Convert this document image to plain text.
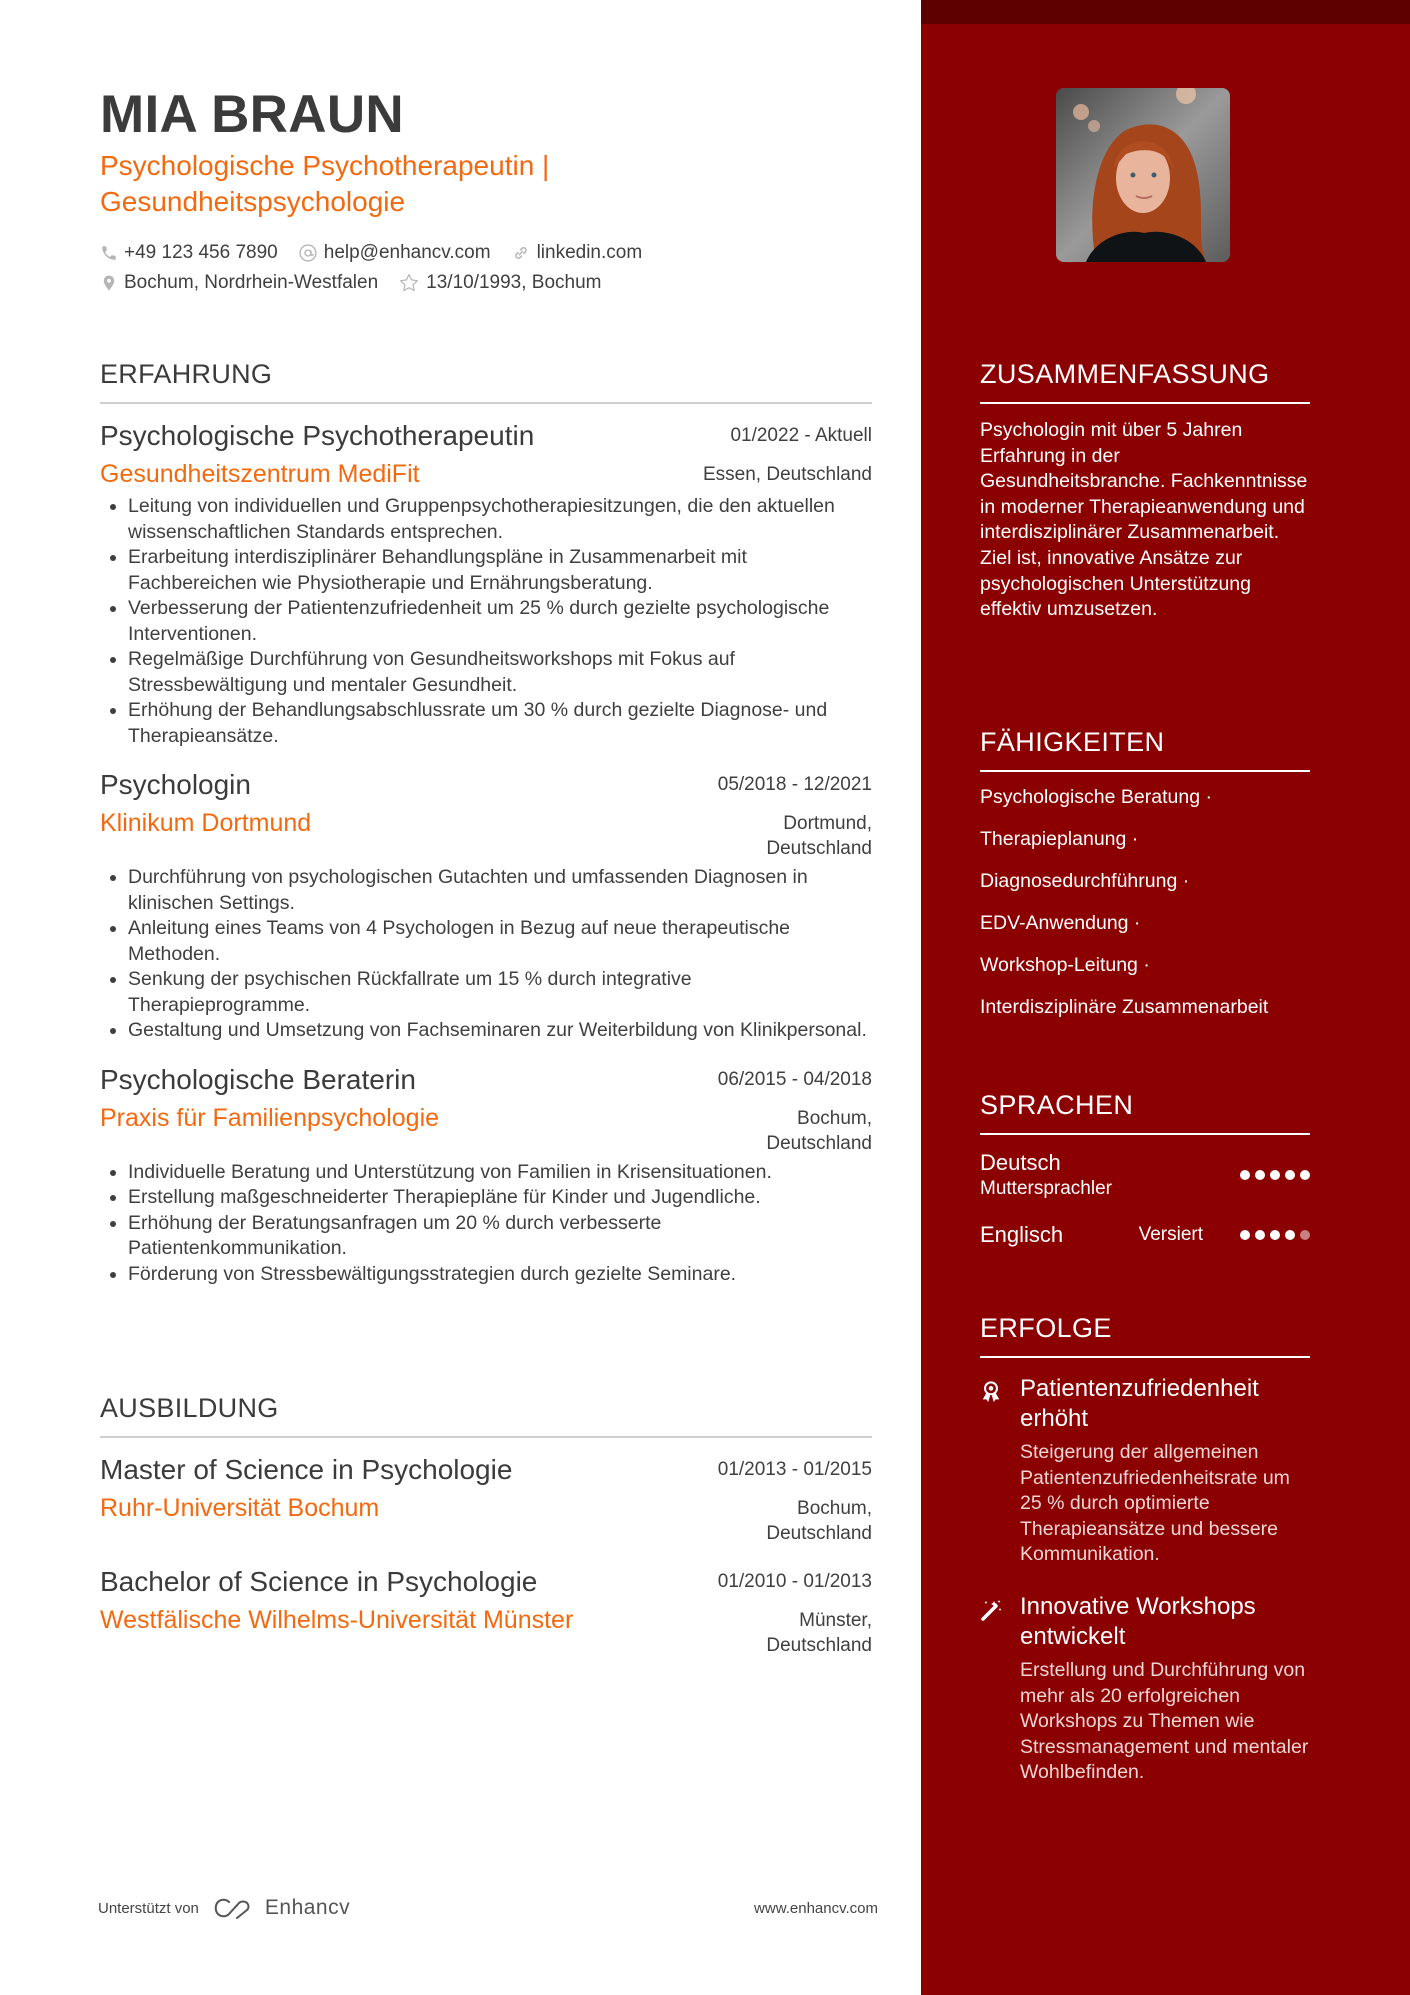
MIA BRAUN
Psychologische Psychotherapeutin | Gesundheitspsychologie
+49 123 456 7890 help@enhancv.com linkedin.com
Bochum, Nordrhein-Westfalen	13/10/1993, Bochum
ERFAHRUNG
Psychologische Psychotherapeutin	01/2022 - Aktuell
Gesundheitszentrum MediFit	Essen, Deutschland
• Leitung von individuellen und Gruppenpsychotherapiesitzungen, die den aktuellen wissenschaftlichen Standards entsprechen.
• Erarbeitung interdisziplinärer Behandlungspläne in Zusammenarbeit mit Fachbereichen wie Physiotherapie und Ernährungsberatung.
• Verbesserung der Patientenzufriedenheit um 25 % durch gezielte psychologische Interventionen.
• Regelmäßige Durchführung von Gesundheitsworkshops mit Fokus auf Stressbewältigung und mentaler Gesundheit.
• Erhöhung der Behandlungsabschlussrate um 30 % durch gezielte Diagnose- und Therapieansätze.
Psychologin	05/2018 - 12/2021
Klinikum Dortmund	Dortmund,
Deutschland
• Durchführung von psychologischen Gutachten und umfassenden Diagnosen in klinischen Settings.
• Anleitung eines Teams von 4 Psychologen in Bezug auf neue therapeutische Methoden.
• Senkung der psychischen Rückfallrate um 15 % durch integrative Therapieprogramme.
• Gestaltung und Umsetzung von Fachseminaren zur Weiterbildung von Klinikpersonal.
Psychologische Beraterin	06/2015 - 04/2018
Praxis für Familienpsychologie	Bochum,
Deutschland
• Individuelle Beratung und Unterstützung von Familien in Krisensituationen.
• Erstellung maßgeschneiderter Therapiepläne für Kinder und Jugendliche.
• Erhöhung der Beratungsanfragen um 20 % durch verbesserte Patientenkommunikation.
• Förderung von Stressbewältigungsstrategien durch gezielte Seminare.
AUSBILDUNG
Master of Science in Psychologie	01/2013 - 01/2015
Ruhr-Universität Bochum	Bochum,
Deutschland
Bachelor of Science in Psychologie	01/2010 - 01/2013
Westfälische Wilhelms-Universität Münster	Münster,
Deutschland
Unterstützt von	Enhancv	www.enhancv.com
ZUSAMMENFASSUNG
Psychologin mit über 5 Jahren Erfahrung in der Gesundheitsbranche. Fachkenntnisse in moderner Therapieanwendung und interdisziplinärer Zusammenarbeit. Ziel ist, innovative Ansätze zur psychologischen Unterstützung effektiv umzusetzen.
FÄHIGKEITEN
Psychologische Beratung ·
Therapieplanung ·
Diagnosedurchführung ·
EDV-Anwendung ·
Workshop-Leitung ·
Interdisziplinäre Zusammenarbeit
SPRACHEN
Deutsch
Muttersprachler
Englisch	Versiert
ERFOLGE
Patientenzufriedenheit erhöht
Steigerung der allgemeinen Patientenzufriedenheitsrate um 25 % durch optimierte Therapieansätze und bessere Kommunikation.
Innovative Workshops entwickelt
Erstellung und Durchführung von mehr als 20 erfolgreichen Workshops zu Themen wie Stressmanagement und mentaler Wohlbefinden.
